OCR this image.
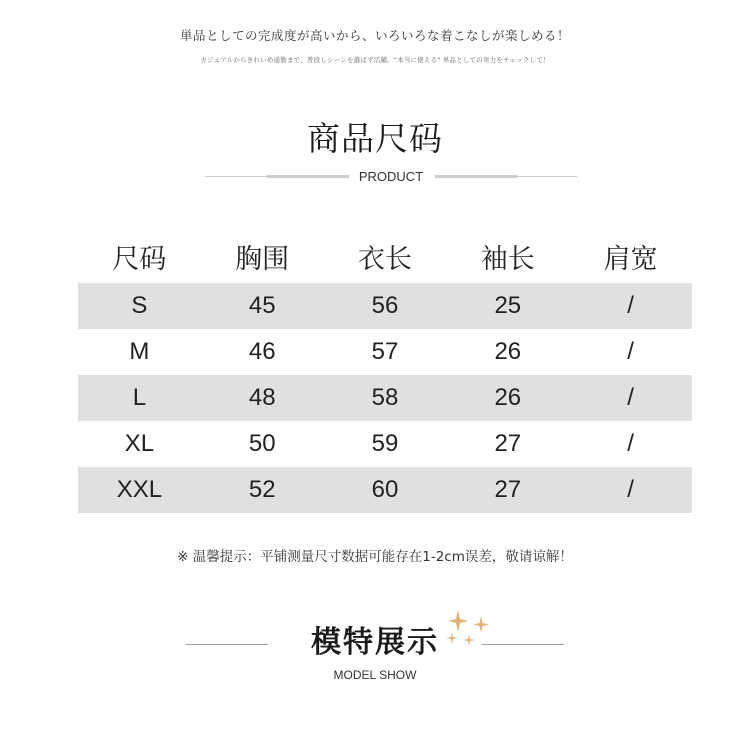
単品としての完成度が高いから、いろいろな着こなしが楽しめる！
カジュアルからきれいめ通勤まで、普段しシーンを選ばず活躍。"本当に使える" 単品としての実力をチェックして！
商品尺码
PRODUCT
尺码	胸围	衣长	袖长	肩宽
S	45	56	25	/
M	46	57	26	/
L	48	58	26	/
XL	50	59	27	/
XXL	52	60	27	/
※ 温馨提示：平铺测量尺寸数据可能存在1-2cm误差，敬请谅解！
模特展示
MODEL SHOW
